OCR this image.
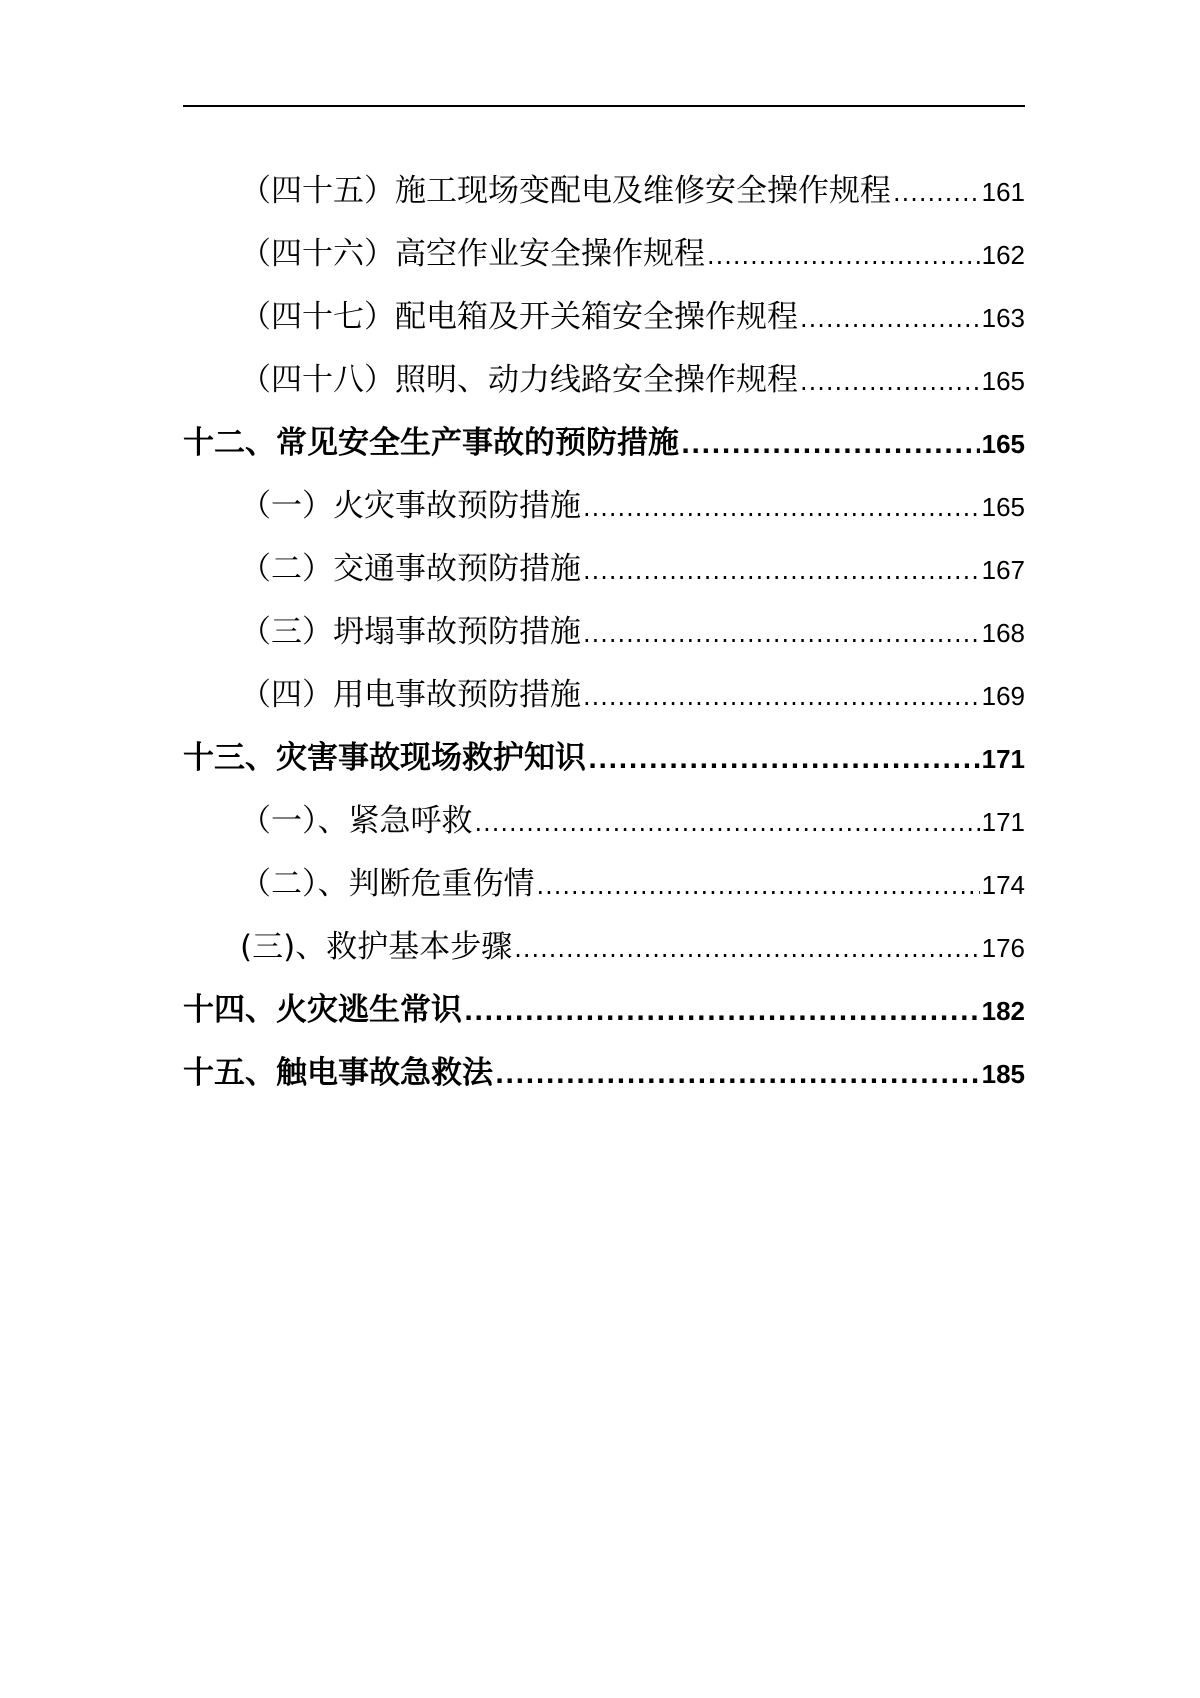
（四十五）施工现场变配电及维修安全操作规程 .....	161
（四十六）高空作业安全操作规程 .....	162
（四十七）配电箱及开关箱安全操作规程 .....	163
（四十八）照明、动力线路安全操作规程 .....	165
十二、常见安全生产事故的预防措施 .....	165
（一）火灾事故预防措施 .....	165
（二）交通事故预防措施 .....	167
（三）坍塌事故预防措施 .....	168
（四）用电事故预防措施 .....	169
十三、灾害事故现场救护知识 .....	171
（一）、紧急呼救 .....	171
（二）、判断危重伤情 .....	174
(三)、救护基本步骤 .....	176
十四、火灾逃生常识 .....	182
十五、触电事故急救法 .....	185
